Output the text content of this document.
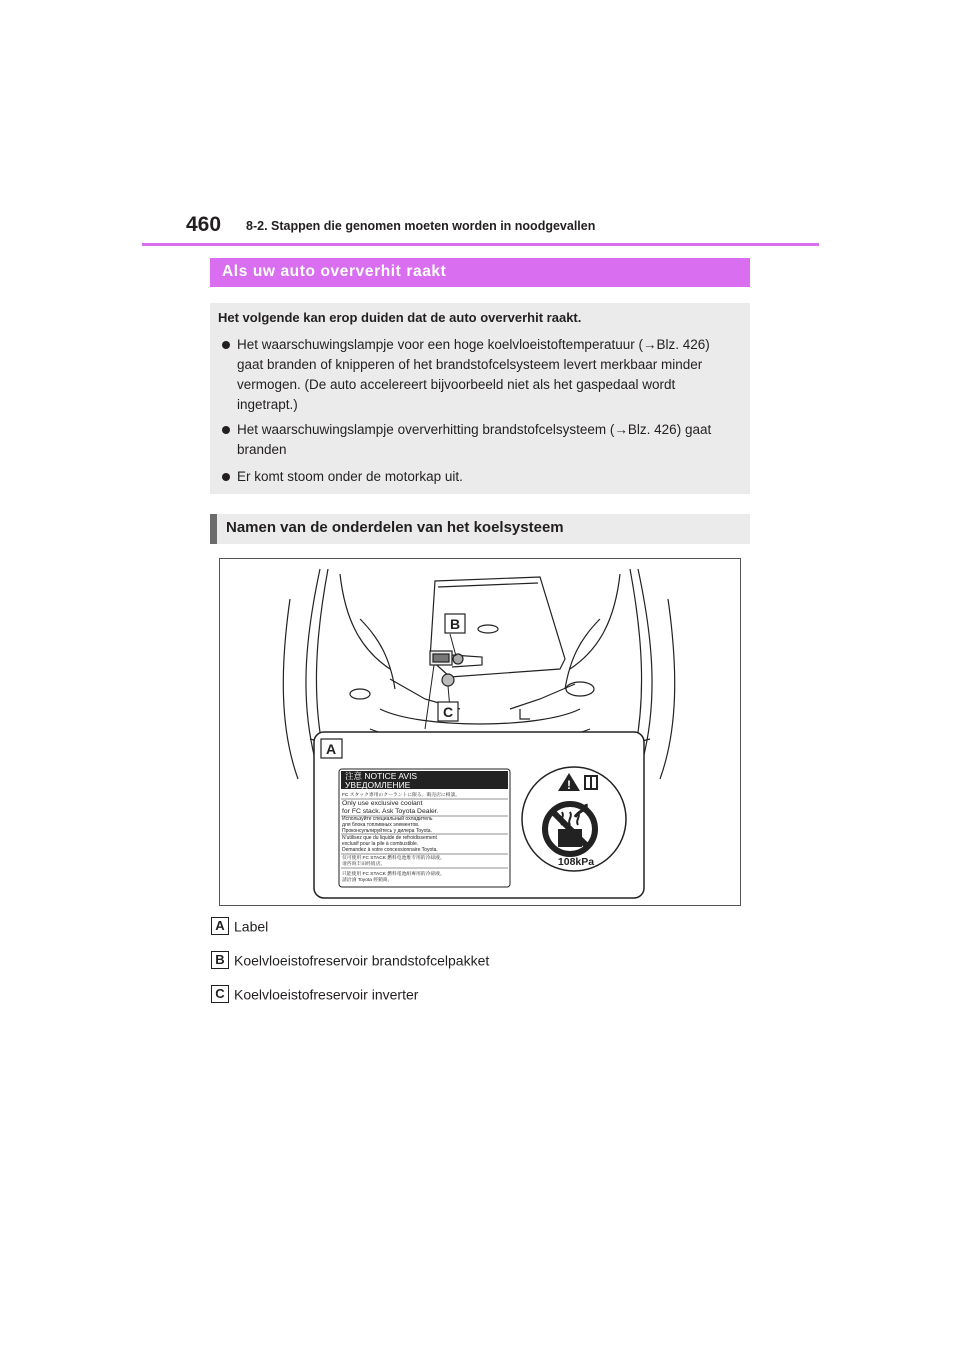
460 8-2. Stappen die genomen moeten worden in noodgevallen
Als uw auto oververhit raakt
Het volgende kan erop duiden dat de auto oververhit raakt.
Het waarschuwingslampje voor een hoge koelvloeistoftemperatuur (→Blz. 426) gaat branden of knipperen of het brandstofcelsysteem levert merkbaar minder vermogen. (De auto accelereert bijvoorbeeld niet als het gaspedaal wordt ingetrapt.)
Het waarschuwingslampje oververhitting brandstofcelsysteem (→Blz. 426) gaat branden
Er komt stoom onder de motorkap uit.
Namen van de onderdelen van het koelsysteem
B
C
A
注意 NOTICE AVIS
УВЕДОМЛЕНИЕ
FC スタック専用のクーラントに限る。販売店に相談。
Only use exclusive coolant
for FC stack. Ask Toyota Dealer.
Используйте специальный охладитель
для блока топливных элементов.
Проконсультируйтесь у дилера Toyota.
N'utilisez que du liquide de refroidissement
exclusif pour la pile à combustible.
Demandez à votre concessionnaire Toyota.
仅可使用 FC STACK 燃料电池堆专用的冷却液。
请咨询丰田经销店。
只能使用 FC STACK 燃料電池組專用的冷卻液。
請洽詢 Toyota 經銷商。
!
108kPa
A Label
B Koelvloeistofreservoir brandstofcelpakket
C Koelvloeistofreservoir inverter
